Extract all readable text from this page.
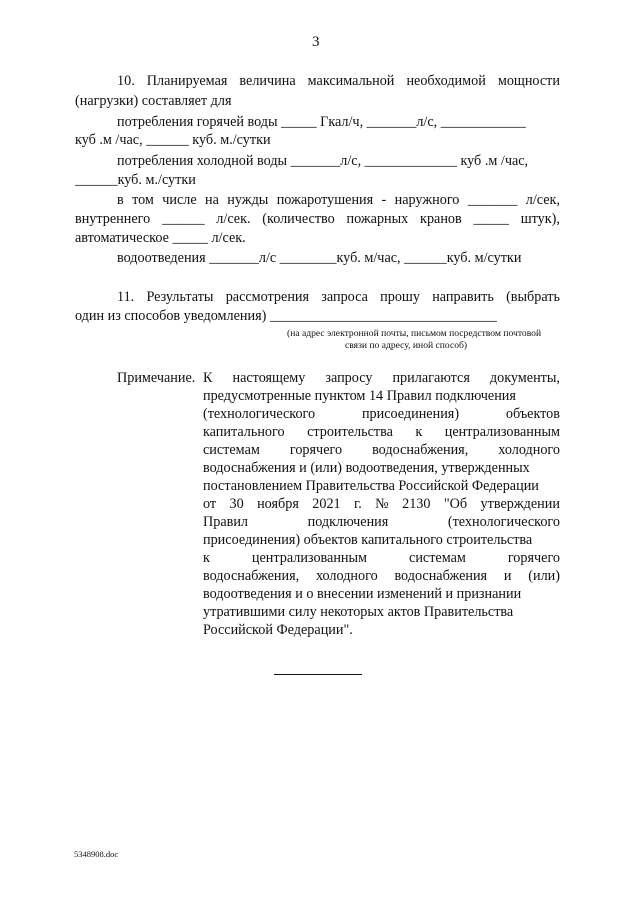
3
10. Планируемая величина максимальной необходимой мощности
(нагрузки) составляет для
потребления горячей воды _____ Гкал/ч, _______л/с, ____________
куб .м /час, ______ куб. м./сутки
потребления холодной воды _______л/с, _____________ куб .м /час,
______куб. м./сутки
в том числе на нужды пожаротушения - наружного _______ л/сек,
внутреннего ______ л/сек. (количество пожарных кранов _____ штук),
автоматическое _____ л/сек.
водоотведения _______л/с ________куб. м/час, ______куб. м/сутки
11. Результаты рассмотрения запроса прошу направить (выбрать
один из способов уведомления) ________________________________
(на адрес электронной почты, письмом посредством почтовой
связи по адресу, иной способ)
Примечание. К настоящему запросу прилагаются документы,
предусмотренные пунктом 14 Правил подключения
(технологического	присоединения)	объектов
капитального строительства к централизованным
системам горячего водоснабжения, холодного
водоснабжения и (или) водоотведения, утвержденных
постановлением Правительства Российской Федерации
от 30 ноября 2021 г. № 2130 "Об утверждении
Правил	подключения	(технологического
присоединения) объектов капитального строительства
к	централизованным	системам	горячего
водоснабжения, холодного водоснабжения и (или)
водоотведения и о внесении изменений и признании
утратившими силу некоторых актов Правительства
Российской Федерации".
5348908.doc
